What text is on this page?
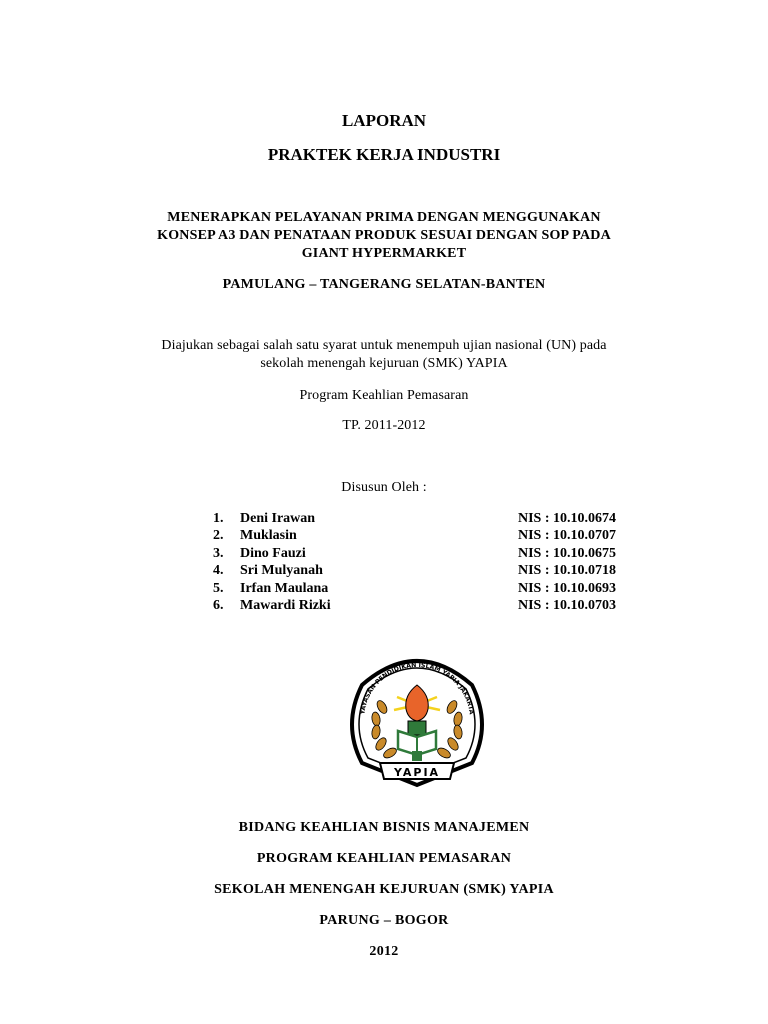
LAPORAN
PRAKTEK KERJA INDUSTRI
MENERAPKAN PELAYANAN PRIMA DENGAN MENGGUNAKAN
KONSEP A3 DAN PENATAAN PRODUK SESUAI DENGAN SOP PADA
GIANT HYPERMARKET
PAMULANG – TANGERANG SELATAN-BANTEN
Diajukan sebagai salah satu syarat untuk menempuh ujian nasional (UN) pada
sekolah menengah kejuruan (SMK) YAPIA
Program Keahlian Pemasaran
TP. 2011-2012
Disusun Oleh :
1. Deni Irawan	NIS : 10.10.0674
2. Muklasin	NIS : 10.10.0707
3. Dino Fauzi	NIS : 10.10.0675
4. Sri Mulyanah	NIS : 10.10.0718
5. Irfan Maulana	NIS : 10.10.0693
6. Mawardi Rizki	NIS : 10.10.0703
YAYASAN PENDIDIKAN ISLAM YAPIA JAKARTA
YAPIA
BIDANG KEAHLIAN BISNIS MANAJEMEN
PROGRAM KEAHLIAN PEMASARAN
SEKOLAH MENENGAH KEJURUAN (SMK) YAPIA
PARUNG – BOGOR
2012
